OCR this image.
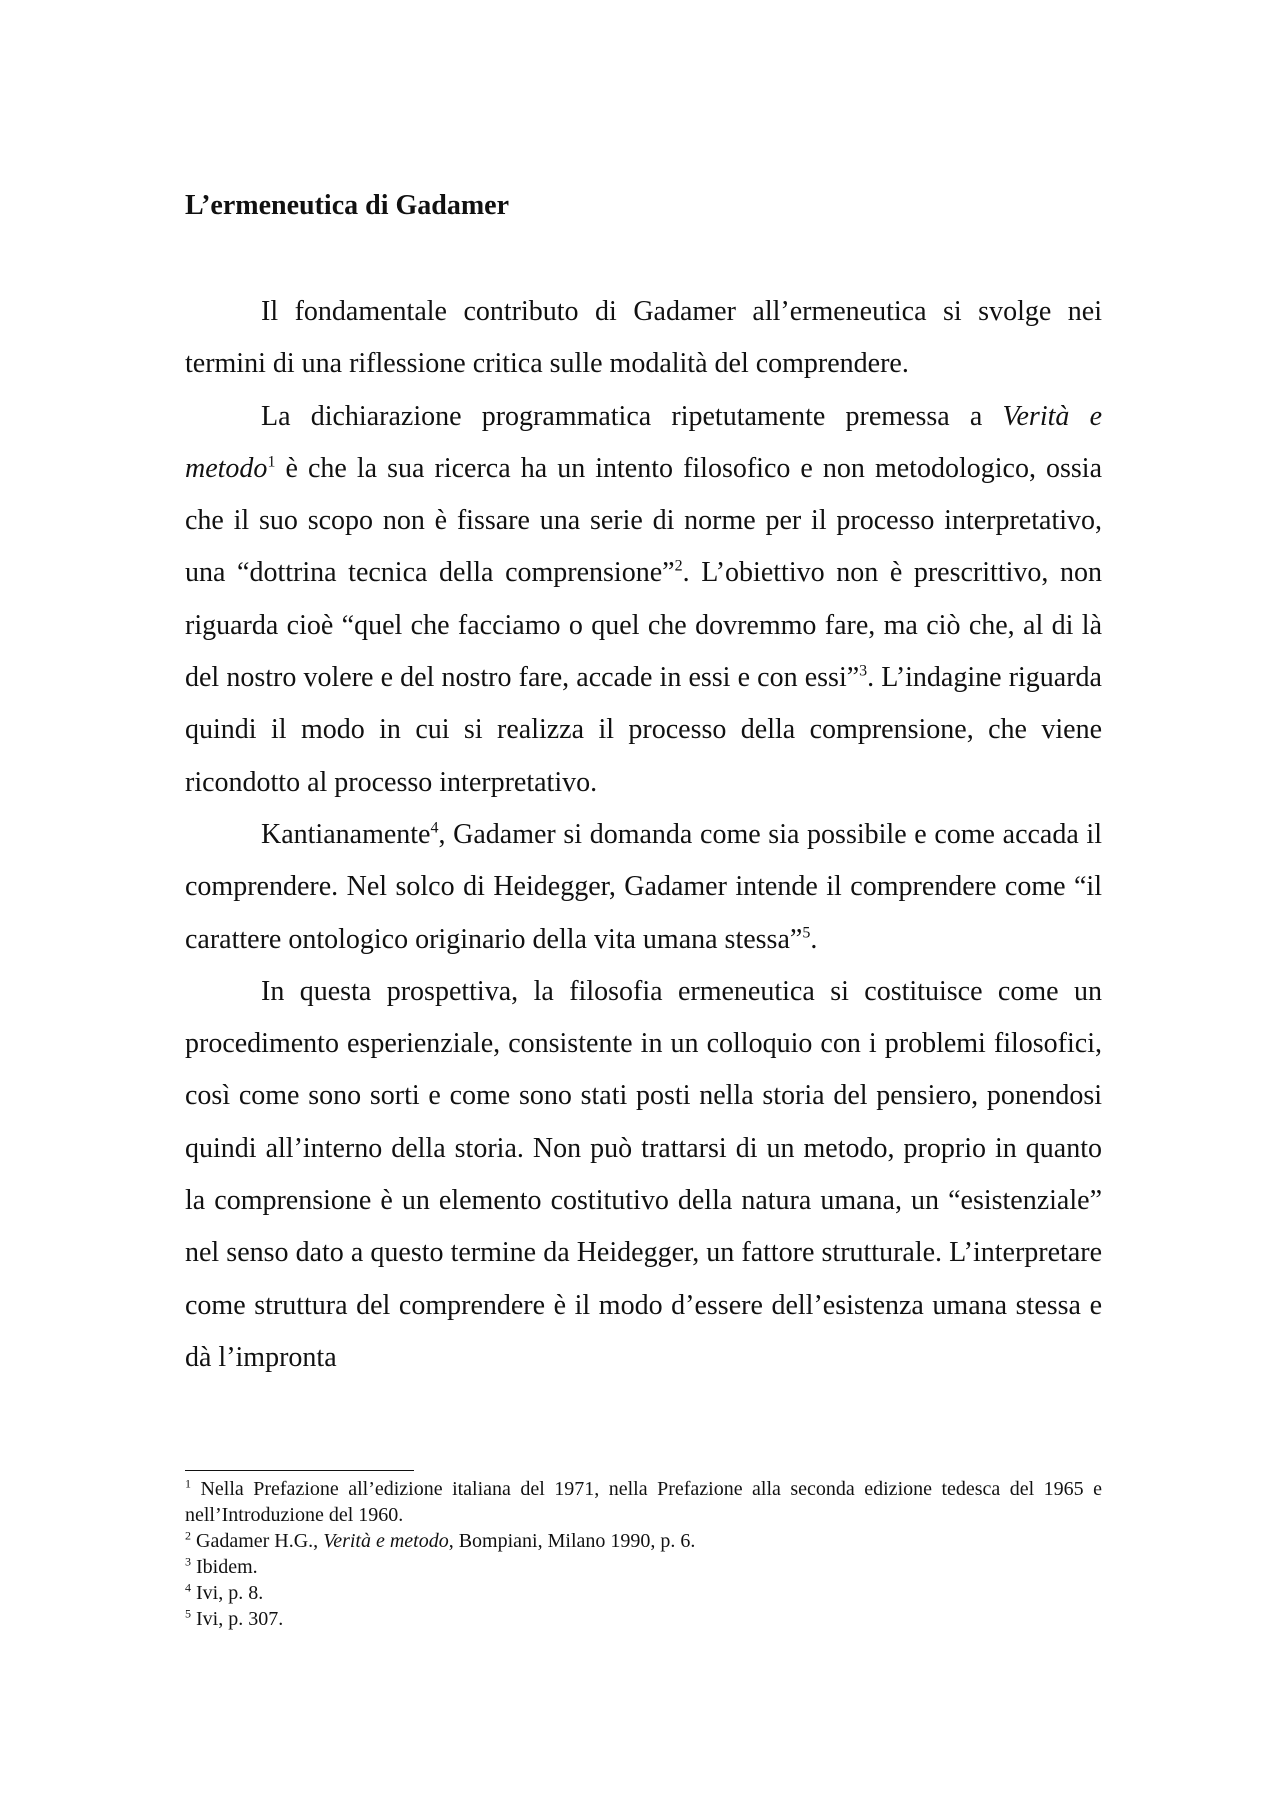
L’ermeneutica di Gadamer

Il fondamentale contributo di Gadamer all’ermeneutica si svolge nei termini di una riflessione critica sulle modalità del comprendere.

La dichiarazione programmatica ripetutamente premessa a Verità e metodo$^1$ è che la sua ricerca ha un intento filosofico e non metodologico, ossia che il suo scopo non è fissare una serie di norme per il processo interpretativo, una “dottrina tecnica della comprensione”$^2$. L’obiettivo non è prescrittivo, non riguarda cioè “quel che facciamo o quel che dovremmo fare, ma ciò che, al di là del nostro volere e del nostro fare, accade in essi e con essi”$^3$. L’indagine riguarda quindi il modo in cui si realizza il processo della comprensione, che viene ricondotto al processo interpretativo.

Kantianamente$^4$, Gadamer si domanda come sia possibile e come accada il comprendere. Nel solco di Heidegger, Gadamer intende il comprendere come “il carattere ontologico originario della vita umana stessa”$^5$.

In questa prospettiva, la filosofia ermeneutica si costituisce come un procedimento esperienziale, consistente in un colloquio con i problemi filosofici, così come sono sorti e come sono stati posti nella storia del pensiero, ponendosi quindi all’interno della storia. Non può trattarsi di un metodo, proprio in quanto la comprensione è un elemento costitutivo della natura umana, un “esistenziale” nel senso dato a questo termine da Heidegger, un fattore strutturale. L’interpretare come struttura del comprendere è il modo d’essere dell’esistenza umana stessa e dà l’impronta

$^1$ Nella Prefazione all’edizione italiana del 1971, nella Prefazione alla seconda edizione tedesca del 1965 e nell’Introduzione del 1960.

$^2$ Gadamer H.G., Verità e metodo, Bompiani, Milano 1990, p. 6.

$^3$ Ibidem.

$^4$ Ivi, p. 8.

$^5$ Ivi, p. 307.
